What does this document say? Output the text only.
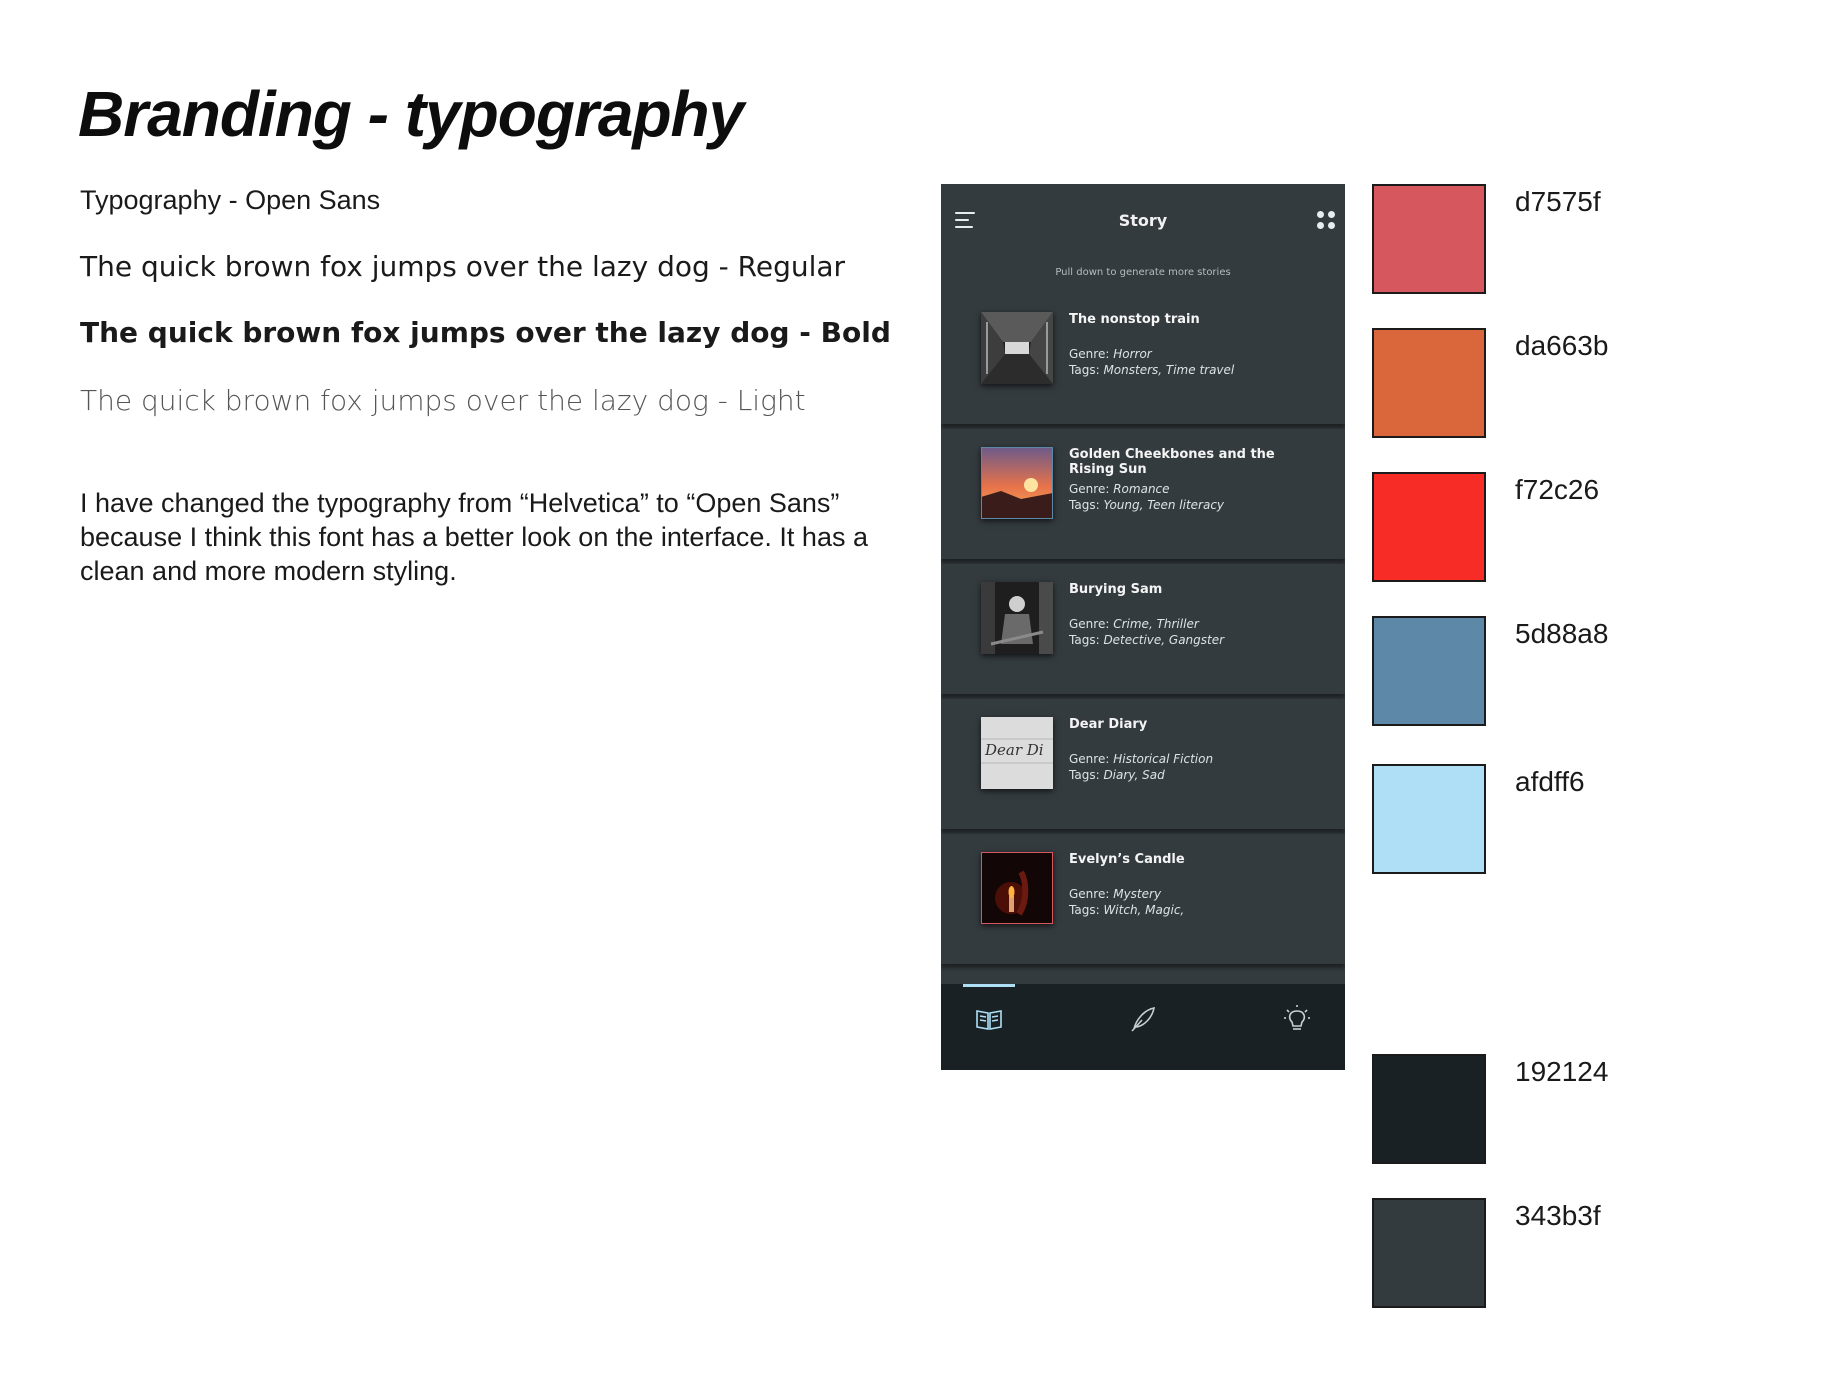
Branding - typography

Typography - Open Sans

The quick brown fox jumps over the lazy dog - Regular

The quick brown fox jumps over the lazy dog - Bold

The quick brown fox jumps over the lazy dog - Light

I have changed the typography from “Helvetica” to “Open Sans” because I think this font has a better look on the interface. It has a clean and more modern styling.

Story
Pull down to generate more stories
The nonstop train
Genre: Horror
Tags: Monsters, Time travel
Golden Cheekbones and the Rising Sun
Genre: Romance
Tags: Young, Teen literacy
Burying Sam
Genre: Crime, Thriller
Tags: Detective, Gangster
Dear Di
Dear Diary
Genre: Historical Fiction
Tags: Diary, Sad
Evelyn’s Candle
Genre: Mystery
Tags: Witch, Magic,
d7575f
da663b
f72c26
5d88a8
afdff6
192124
343b3f
